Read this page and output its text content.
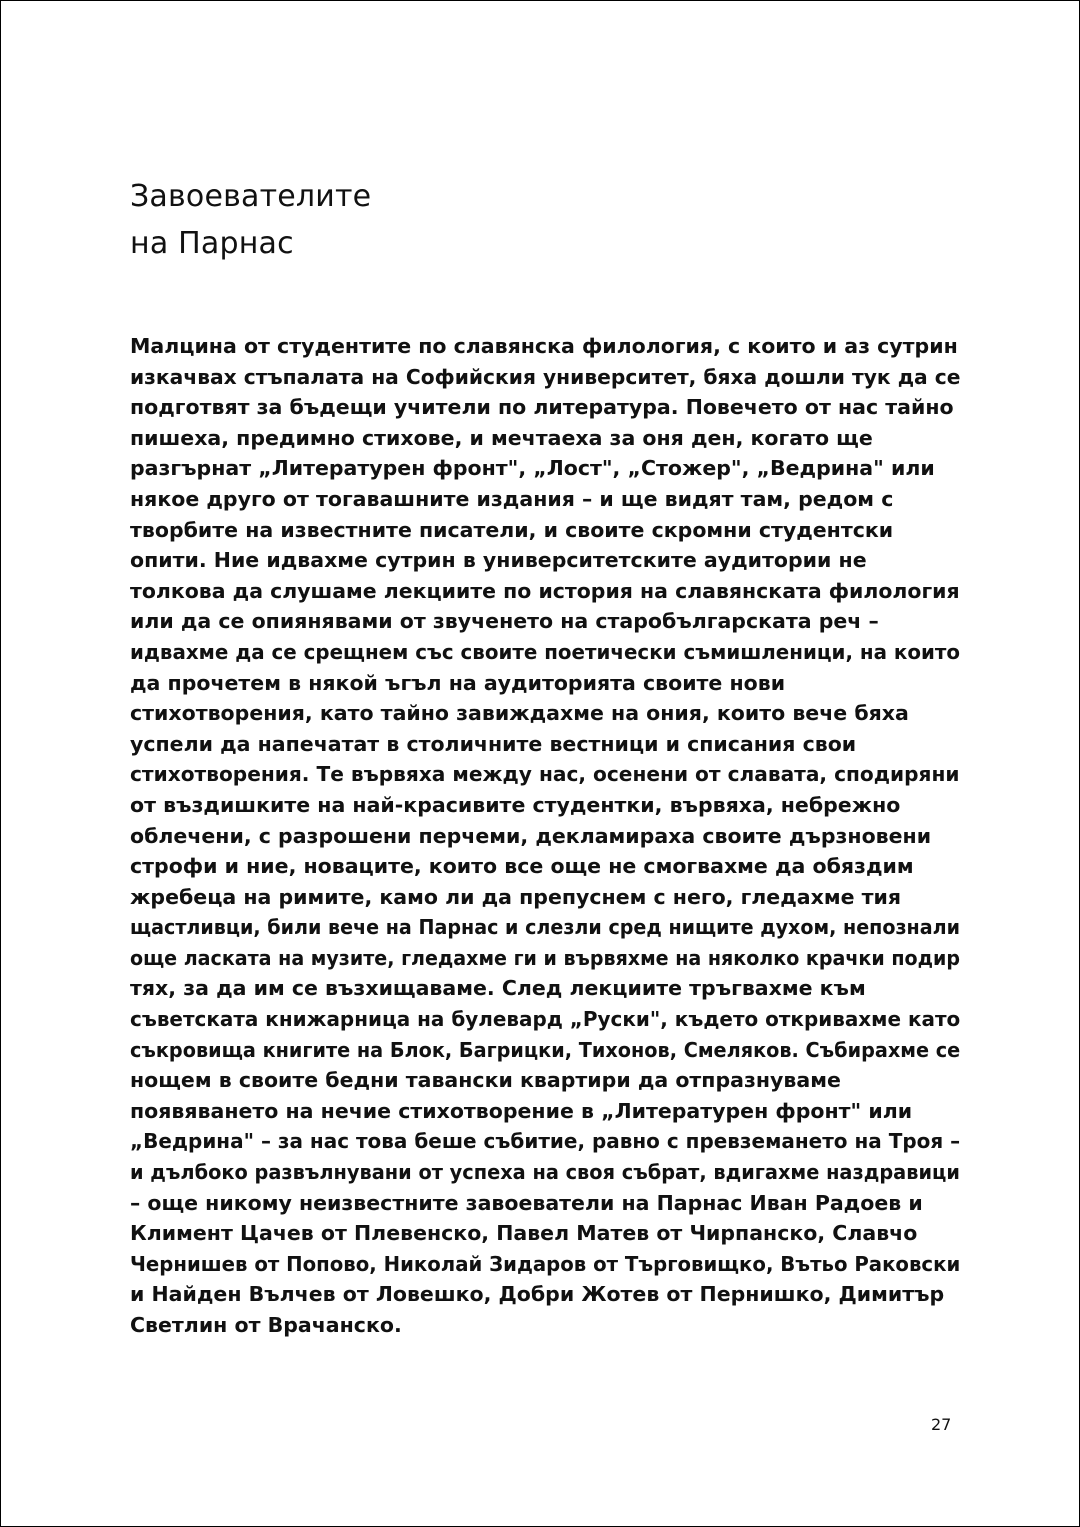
Завоевателите
на Парнас
Малцина от студентите по славянска филология, с които и аз сутрин
изкачвах стъпалата на Софийския университет, бяха дошли тук да се
подготвят за бъдещи учители по литература. Повечето от нас тайно
пишеха, предимно стихове, и мечтаеха за оня ден, когато ще
разгърнат „Литературен фронт", „Лост", „Стожер", „Ведрина" или
някое друго от тогавашните издания – и ще видят там, редом с
творбите на известните писатели, и своите скромни студентски
опити. Ние идвахме сутрин в университетските аудитории не
толкова да слушаме лекциите по история на славянската филология
или да се опиянявами от звученето на старобългарската реч –
идвахме да се срещнем със своите поетически съмишленици, на които
да прочетем в някой ъгъл на аудиторията своите нови
стихотворения, като тайно завиждахме на ония, които вече бяха
успели да напечатат в столичните вестници и списания свои
стихотворения. Те вървяха между нас, осенени от славата, сподиряни
от въздишките на най-красивите студентки, вървяха, небрежно
облечени, с разрошени перчеми, декламираха своите дързновени
строфи и ние, новаците, които все още не смогвахме да обяздим
жребеца на римите, камо ли да препуснем с него, гледахме тия
щастливци, били вече на Парнас и слезли сред нищите духом, непознали
още ласката на музите, гледахме ги и вървяхме на няколко крачки подир
тях, за да им се възхищаваме. След лекциите тръгвахме към
съветската книжарница на булевард „Руски", където откривахме като
съкровища книгите на Блок, Багрицки, Тихонов, Смеляков. Събирахме се
нощем в своите бедни тавански квартири да отпразнуваме
появяването на нечие стихотворение в „Литературен фронт" или
„Ведрина" – за нас това беше събитие, равно с превземането на Троя –
и дълбоко развълнувани от успеха на своя събрат, вдигахме наздравици
– още никому неизвестните завоеватели на Парнас Иван Радоев и
Климент Цачев от Плевенско, Павел Матев от Чирпанско, Славчо
Чернишев от Попово, Николай Зидаров от Търговищко, Вътьо Раковски
и Найден Вълчев от Ловешко, Добри Жотев от Пернишко, Димитър
Светлин от Врачанско.
27
